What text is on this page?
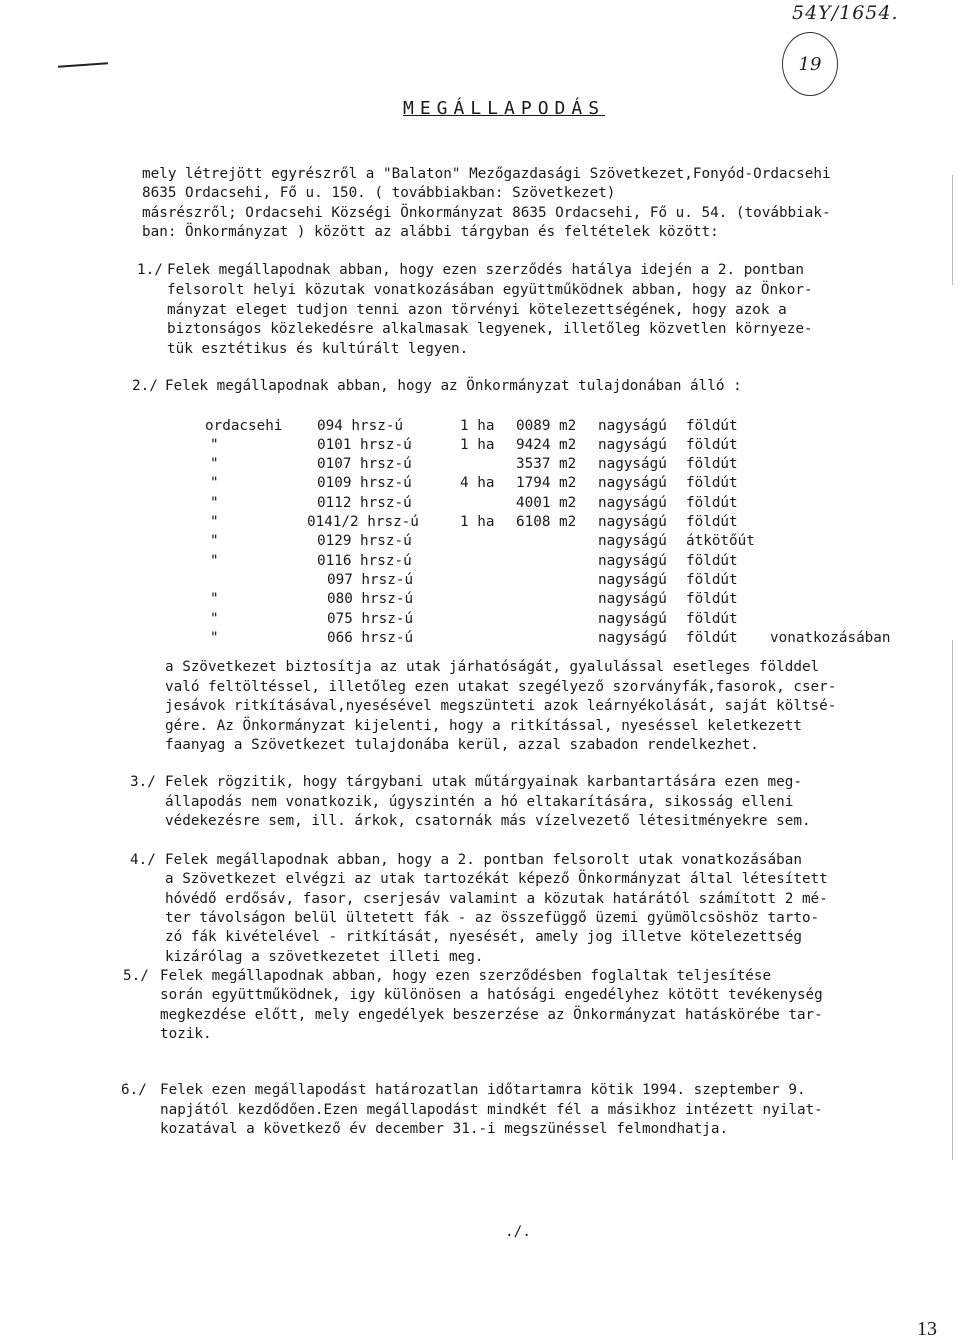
54Y/1654.
19
MEGÁLLAPODÁS
mely létrejött egyrészről a "Balaton" Mezőgazdasági Szövetkezet,Fonyód-Ordacsehi
8635 Ordacsehi, Fő u. 150. ( továbbiakban: Szövetkezet)
másrészről; Ordacsehi Községi Önkormányzat 8635 Ordacsehi, Fő u. 54. (továbbiak-
ban: Önkormányzat ) között az alábbi tárgyban és feltételek között:
1./ Felek megállapodnak abban, hogy ezen szerződés hatálya idején a 2. pontban
felsorolt helyi közutak vonatkozásában együttműködnek abban, hogy az Önkor-
mányzat eleget tudjon tenni azon törvényi kötelezettségének, hogy azok a
biztonságos közlekedésre alkalmasak legyenek, illetőleg közvetlen környeze-
tük esztétikus és kultúrált legyen.
2./ Felek megállapodnak abban, hogy az Önkormányzat tulajdonában álló :
ordacsehi 094 hrsz-ú	1 ha 0089 m2 nagyságú földút
"	0101 hrsz-ú	1 ha 9424 m2 nagyságú földút
"	0107 hrsz-ú	3537 m2 nagyságú földút
"	0109 hrsz-ú	4 ha 1794 m2 nagyságú földút
"	0112 hrsz-ú	4001 m2 nagyságú földút
"	0141/2 hrsz-ú	1 ha 6108 m2 nagyságú földút
"	0129 hrsz-ú	nagyságú átkötőút
"	0116 hrsz-ú	nagyságú földút
097 hrsz-ú	nagyságú földút
"	080 hrsz-ú	nagyságú földút
"	075 hrsz-ú	nagyságú földút
"	066 hrsz-ú	nagyságú földút vonatkozásában
a Szövetkezet biztosítja az utak járhatóságát, gyalulással esetleges földdel
való feltöltéssel, illetőleg ezen utakat szegélyező szorványfák,fasorok, cser-
jesávok ritkításával,nyesésével megszünteti azok leárnyékolását, saját költsé-
gére. Az Önkormányzat kijelenti, hogy a ritkítással, nyeséssel keletkezett
faanyag a Szövetkezet tulajdonába kerül, azzal szabadon rendelkezhet.
3./ Felek rögzitik, hogy tárgybani utak műtárgyainak karbantartására ezen meg-
állapodás nem vonatkozik, úgyszintén a hó eltakarítására, sikosság elleni
védekezésre sem, ill. árkok, csatornák más vízelvezető létesitményekre sem.
4./ Felek megállapodnak abban, hogy a 2. pontban felsorolt utak vonatkozásában
a Szövetkezet elvégzi az utak tartozékát képező Önkormányzat által létesített
hóvédő erdősáv, fasor, cserjesáv valamint a közutak határától számított 2 mé-
ter távolságon belül ültetett fák - az összefüggő üzemi gyümölcsöshöz tarto-
zó fák kivételével - ritkítását, nyesését, amely jog illetve kötelezettség
kizárólag a szövetkezetet illeti meg.
5./ Felek megállapodnak abban, hogy ezen szerződésben foglaltak teljesítése
során együttműködnek, igy különösen a hatósági engedélyhez kötött tevékenység
megkezdése előtt, mely engedélyek beszerzése az Önkormányzat hatáskörébe tar-
tozik.
6./ Felek ezen megállapodást határozatlan időtartamra kötik 1994. szeptember 9.
napjától kezdődően.Ezen megállapodást mindkét fél a másikhoz intézett nyilat-
kozatával a következő év december 31.-i megszünéssel felmondhatja.
./.
13
